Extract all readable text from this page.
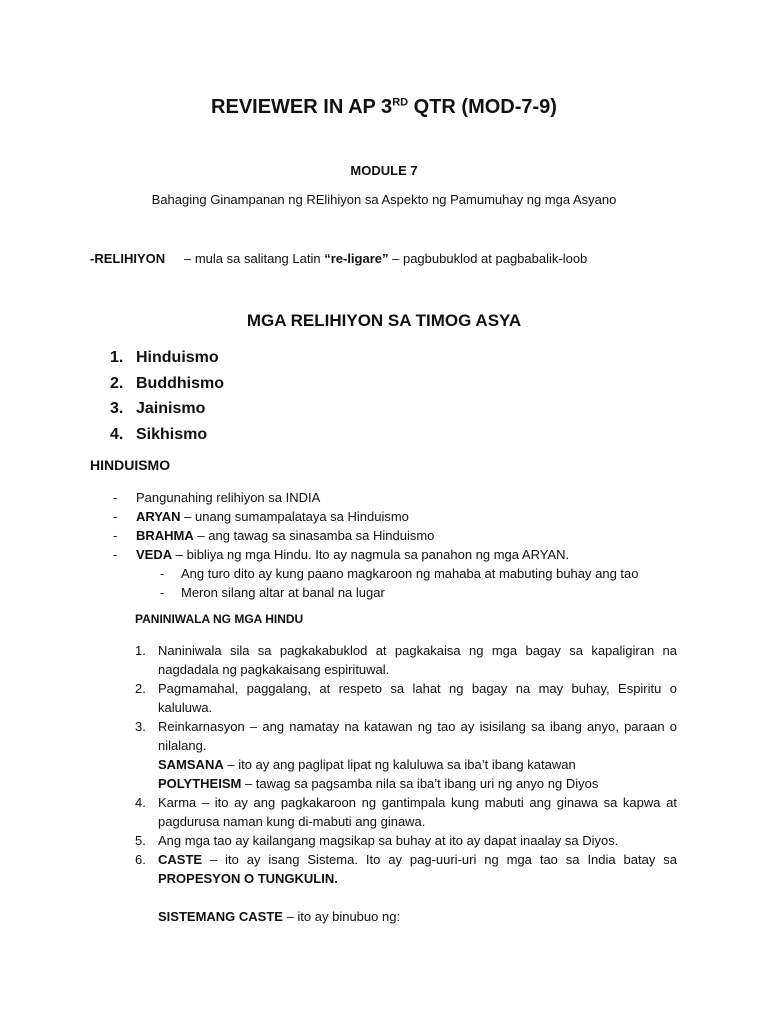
REVIEWER IN AP 3RD QTR (MOD-7-9)
MODULE 7
Bahaging Ginampanan ng RElihiyon sa Aspekto ng Pamumuhay ng mga Asyano
-RELIHIYON – mula sa salitang Latin “re-ligare” – pagbubuklod at pagbabalik-loob
MGA RELIHIYON SA TIMOG ASYA
1. Hinduismo
2. Buddhismo
3. Jainismo
4. Sikhismo
HINDUISMO
- Pangunahing relihiyon sa INDIA
- ARYAN – unang sumampalataya sa Hinduismo
- BRAHMA – ang tawag sa sinasamba sa Hinduismo
- VEDA – bibliya ng mga Hindu. Ito ay nagmula sa panahon ng mga ARYAN.
- Ang turo dito ay kung paano magkaroon ng mahaba at mabuting buhay ang tao
- Meron silang altar at banal na lugar
PANINIWALA NG MGA HINDU
1. Naniniwala sila sa pagkakabuklod at pagkakaisa ng mga bagay sa kapaligiran na nagdadala ng pagkakaisang espirituwal.
2. Pagmamahal, paggalang, at respeto sa lahat ng bagay na may buhay, Espiritu o kaluluwa.
3. Reinkarnasyon – ang namatay na katawan ng tao ay isisilang sa ibang anyo, paraan o nilalang.
SAMSANA – ito ay ang paglipat lipat ng kaluluwa sa iba’t ibang katawan
POLYTHEISM – tawag sa pagsamba nila sa iba’t ibang uri ng anyo ng Diyos
4. Karma – ito ay ang pagkakaroon ng gantimpala kung mabuti ang ginawa sa kapwa at pagdurusa naman kung di-mabuti ang ginawa.
5. Ang mga tao ay kailangang magsikap sa buhay at ito ay dapat inaalay sa Diyos.
6. CASTE – ito ay isang Sistema. Ito ay pag-uuri-uri ng mga tao sa India batay sa PROPESYON O TUNGKULIN.
SISTEMANG CASTE – ito ay binubuo ng:
